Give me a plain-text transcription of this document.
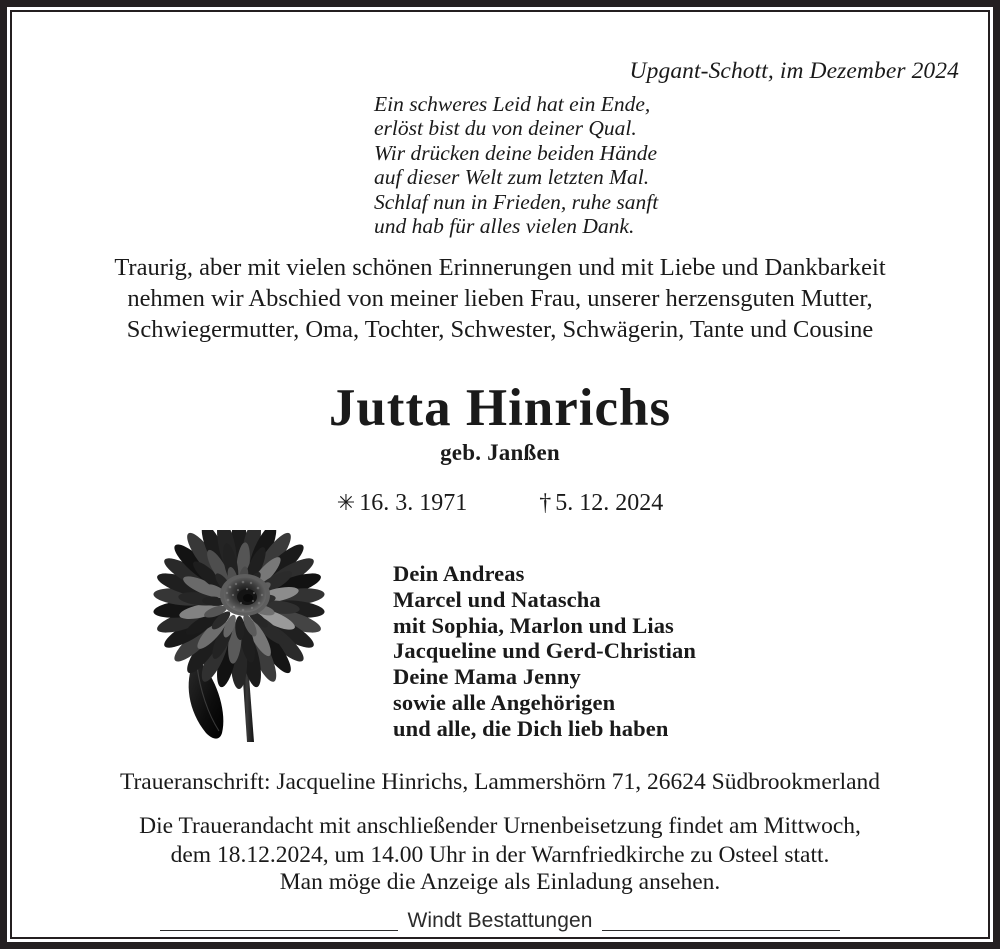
Upgant-Schott, im Dezember 2024
Ein schweres Leid hat ein Ende,
erlöst bist du von deiner Qual.
Wir drücken deine beiden Hände
auf dieser Welt zum letzten Mal.
Schlaf nun in Frieden, ruhe sanft
und hab für alles vielen Dank.
Traurig, aber mit vielen schönen Erinnerungen und mit Liebe und Dankbarkeit
nehmen wir Abschied von meiner lieben Frau, unserer herzensguten Mutter,
Schwiegermutter, Oma, Tochter, Schwester, Schwägerin, Tante und Cousine
Jutta Hinrichs
geb. Janßen
✳ 16. 3. 1971	† 5. 12. 2024
Dein Andreas
Marcel und Natascha
mit Sophia, Marlon und Lias
Jacqueline und Gerd-Christian
Deine Mama Jenny
sowie alle Angehörigen
und alle, die Dich lieb haben
Traueranschrift: Jacqueline Hinrichs, Lammershörn 71, 26624 Südbrookmerland
Die Trauerandacht mit anschließender Urnenbeisetzung findet am Mittwoch,
dem 18.12.2024, um 14.00 Uhr in der Warnfriedkirche zu Osteel statt.
Man möge die Anzeige als Einladung ansehen.
Windt Bestattungen
